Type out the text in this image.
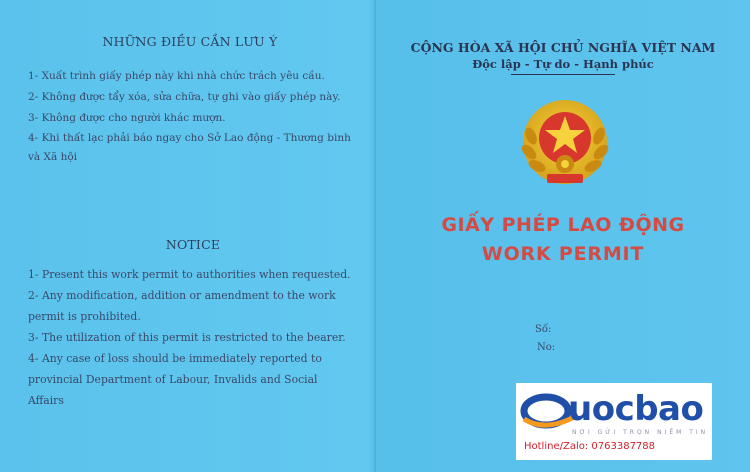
NHỮNG ĐIỀU CẦN LƯU Ý
1- Xuất trình giấy phép này khi nhà chức trách yêu cầu.
2- Không được tẩy xóa, sửa chữa, tự ghi vào giấy phép này.
3- Không được cho người khác mượn.
4- Khi thất lạc phải báo ngay cho Sở Lao động - Thương binh
và Xã hội
NOTICE
1- Present this work permit to authorities when requested.
2- Any modification, addition or amendment to the work
permit is prohibited.
3- The utilization of this permit is restricted to the bearer.
4- Any case of loss should be immediately reported to
provincial Department of Labour, Invalids and Social
Affairs
CỘNG HÒA XÃ HỘI CHỦ NGHĨA VIỆT NAM
Độc lập - Tự do - Hạnh phúc
GIẤY PHÉP LAO ĐỘNG
WORK PERMIT
Số:
No:
uocbao
NƠI GỬI TRỌN NIỀM TIN
Hotline/Zalo: 0763387788
